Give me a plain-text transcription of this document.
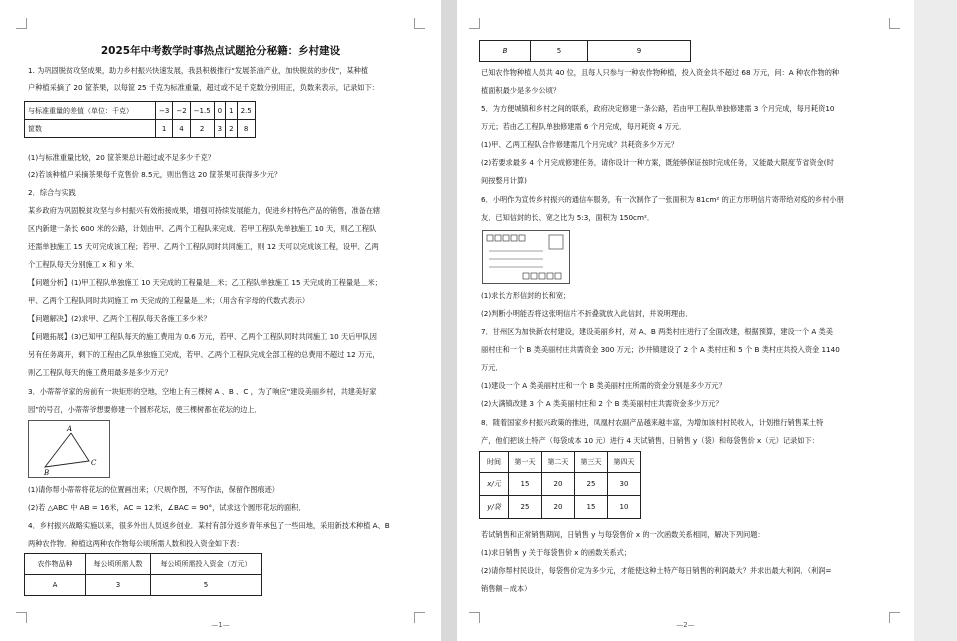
2025年中考数学时事热点试题抢分秘籍：乡村建设
1. 为巩固脱贫攻坚成果，助力乡村振兴快速发展，我县积极推行“发展茶油产业，加快脱贫的步伐”，某种植
户种植采摘了 20 筐茶果，以每筐 25 千克为标准重量，超过或不足千克数分别用正，负数来表示，记录如下：
与标准重量的差值（单位：千克）	−3	−2	−1.5	0	1	2.5
筐数	1	4	2	3	2	8
(1)与标准重量比较，20 筐茶果总计超过或不足多少千克？
(2)若该种植户采摘茶果每千克售价 8.5元，则出售这 20 筐茶果可获得多少元？
2．综合与实践
某乡政府为巩固脱贫攻坚与乡村振兴有效衔接成果，增强可持续发展能力，促进乡村特色产品的销售，准备在辖
区内新建一条长 600 米的公路，计划由甲、乙两个工程队来完成．若甲工程队先单独施工 10 天，则乙工程队
还需单独施工 15 天可完成该工程；若甲、乙两个工程队同时共同施工，则 12 天可以完成该工程，设甲、乙两
个工程队每天分别施工 x 和 y 米．
【问题分析】(1)甲工程队单独施工 10 天完成的工程量是＿米；乙工程队单独施工 15 天完成的工程量是＿米；
甲、乙两个工程队同时共同施工 m 天完成的工程量是＿米；（用含有字母的代数式表示）
【问题解决】(2)求甲、乙两个工程队每天各施工多少米？
【问题拓展】(3)已知甲工程队每天的施工费用为 0.6 万元，若甲、乙两个工程队同时共同施工 10 天后甲队因
另有任务离开，剩下的工程由乙队单独施工完成，若甲、乙两个工程队完成全部工程的总费用不超过 12 万元，
则乙工程队每天的施工费用最多是多少万元？
3．小蒂蒂爷家的房前有一块矩形的空地，空地上有三棵树 A 、B 、C ，为了响应“建设美丽乡村，共建美好家
园”的号召，小蒂蒂爷想要修建一个圆形花坛，使三棵树都在花坛的边上．
A
B
C
(1)请你帮小蒂蒂将花坛的位置画出来；（尺规作图，不写作法，保留作图痕迹）
(2)若 △ABC 中 AB = 16米，AC = 12米，∠BAC = 90°，试求这个圆形花坛的面积．
4．乡村振兴战略实施以来，很多外出人员返乡创业．某村有部分返乡青年承包了一些田地，采用新技术种植 A、B
两种农作物．种植这两种农作物每公顷所需人数和投入资金如下表：
农作物品种	每公顷所需人数	每公顷所需投入资金（万元）
A	3	5
—1—
B	5	9
已知农作物种植人员共 40 位，且每人只参与一种农作物种植，投入资金共不超过 68 万元，问：A 种农作物的种
植面积最少是多少公顷？
5．为方便城镇和乡村之间的联系，政府决定修建一条公路，若由甲工程队单独修建需 3 个月完成，每月耗资10
万元；若由乙工程队单独修建需 6 个月完成，每月耗资 4 万元．
(1)甲、乙两工程队合作修建需几个月完成？共耗资多少万元？
(2)若要求最多 4 个月完成修建任务，请你设计一种方案，既能够保证按时完成任务，又能最大限度节省资金(时
间按整月计算)
6．小明作为宣传乡村振兴的通信车服务，有一次制作了一张面积为 81cm² 的正方形明信片寄带给对疫的乡村小朋
友．已知信封的长、宽之比为 5:3，面积为 150cm²．
(1)求长方形信封的长和宽；
(2)判断小明能否将这张明信片不折叠就放入此信封，并说明理由．
7．甘州区为加快新农村建设，建设美丽乡村，对 A、B 两类村庄进行了全面改建，根据预算，建设一个 A 类美
丽村庄和一个 B 类美丽村庄共需资金 300 万元；沙井镇建设了 2 个 A 类村庄和 5 个 B 类村庄共投入资金 1140
万元．
(1)建设一个 A 类美丽村庄和一个 B 类美丽村庄所需的资金分别是多少万元？
(2)大满镇改建 3 个 A 类美丽村庄和 2 个 B 类美丽村庄共需资金多少万元？
8．随着国家乡村振兴政策的推进，凤凰村农副产品越来越丰富，为增加该村村民收入，计划推行销售某土特
产，他们把该土特产（每袋成本 10 元）进行 4 天试销售，日销售 y（袋）和每袋售价 x（元）记录如下：
时间	第一天	第二天	第三天	第四天
x/元	15	20	25	30
y/袋	25	20	15	10
若试销售和正常销售期间，日销售 y 与每袋售价 x 的一次函数关系相同，解决下列问题：
(1)求日销售 y 关于每袋售价 x 的函数关系式；
(2)请你帮村民设计，每袋售价定为多少元，才能使这种土特产每日销售的利润最大？并求出最大利润．（利润=
销售额－成本）
—2—
